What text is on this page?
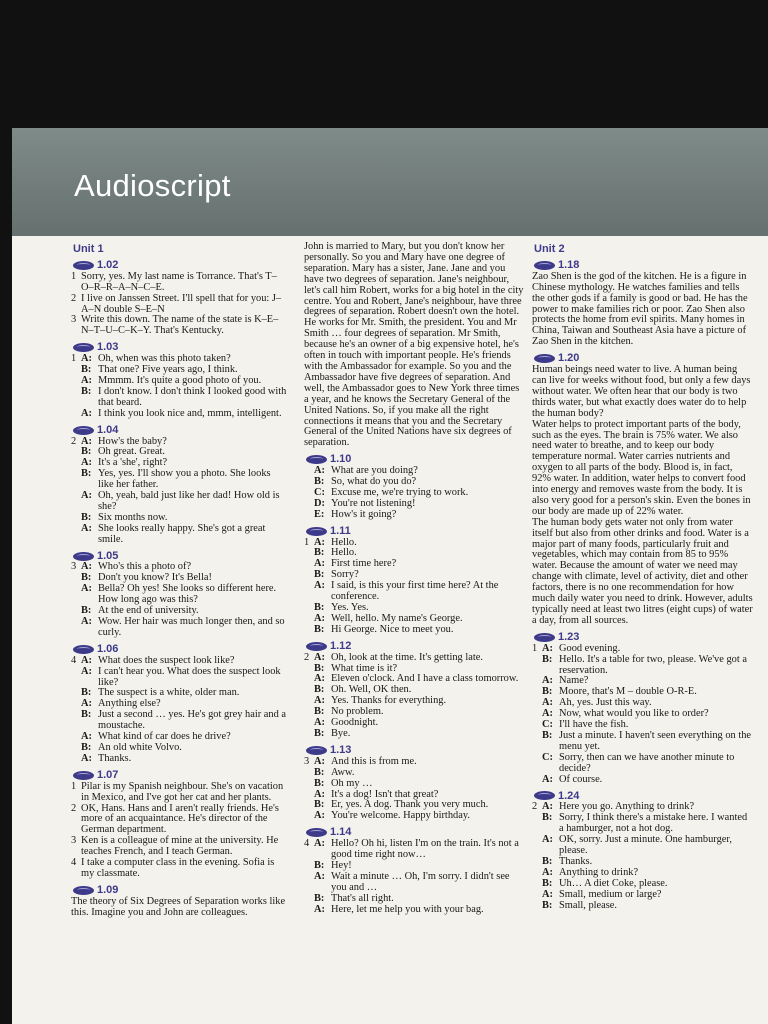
Audioscript
Unit 1
1.02
1 Sorry, yes. My last name is Torrance. That's T–O–R–R–A–N–C–E.
2 I live on Janssen Street. I'll spell that for you: J–A–N double S–E–N
3 Write this down. The name of the state is K–E–N–T–U–C–K–Y. That's Kentucky.
1.03
1 A: Oh, when was this photo taken?
B: That one? Five years ago, I think.
A: Mmmm. It's quite a good photo of you.
B: I don't know. I don't think I looked good with that beard.
A: I think you look nice and, mmm, intelligent.
1.04
2 A: How's the baby?
B: Oh great. Great.
A: It's a 'she', right?
B: Yes, yes. I'll show you a photo. She looks like her father.
A: Oh, yeah, bald just like her dad! How old is she?
B: Six months now.
A: She looks really happy. She's got a great smile.
1.05
3 A: Who's this a photo of?
B: Don't you know? It's Bella!
A: Bella? Oh yes! She looks so different here. How long ago was this?
B: At the end of university.
A: Wow. Her hair was much longer then, and so curly.
1.06
4 A: What does the suspect look like?
A: I can't hear you. What does the suspect look like?
B: The suspect is a white, older man.
A: Anything else?
B: Just a second … yes. He's got grey hair and a moustache.
A: What kind of car does he drive?
B: An old white Volvo.
A: Thanks.
1.07
1 Pilar is my Spanish neighbour. She's on vacation in Mexico, and I've got her cat and her plants.
2 OK, Hans. Hans and I aren't really friends. He's more of an acquaintance. He's director of the German department.
3 Ken is a colleague of mine at the university. He teaches French, and I teach German.
4 I take a computer class in the evening. Sofia is my classmate.
1.09
The theory of Six Degrees of Separation works like this. Imagine you and John are colleagues.
John is married to Mary, but you don't know her personally. So you and Mary have one degree of separation. Mary has a sister, Jane. Jane and you have two degrees of separation. Jane's neighbour, let's call him Robert, works for a big hotel in the city centre. You and Robert, Jane's neighbour, have three degrees of separation. Robert doesn't own the hotel. He works for Mr. Smith, the president. You and Mr Smith … four degrees of separation. Mr Smith, because he's an owner of a big expensive hotel, he's often in touch with important people. He's friends with the Ambassador for example. So you and the Ambassador have five degrees of separation. And well, the Ambassador goes to New York three times a year, and he knows the Secretary General of the United Nations. So, if you make all the right connections it means that you and the Secretary General of the United Nations have six degrees of separation.
1.10
A: What are you doing?
B: So, what do you do?
C: Excuse me, we're trying to work.
D: You're not listening!
E: How's it going?
1.11
1 A: Hello.
B: Hello.
A: First time here?
B: Sorry?
A: I said, is this your first time here? At the conference.
B: Yes. Yes.
A: Well, hello. My name's George.
B: Hi George. Nice to meet you.
1.12
2 A: Oh, look at the time. It's getting late.
B: What time is it?
A: Eleven o'clock. And I have a class tomorrow.
B: Oh. Well, OK then.
A: Yes. Thanks for everything.
B: No problem.
A: Goodnight.
B: Bye.
1.13
3 A: And this is from me.
B: Aww.
B: Oh my …
A: It's a dog! Isn't that great?
B: Er, yes. A dog. Thank you very much.
A: You're welcome. Happy birthday.
1.14
4 A: Hello? Oh hi, listen I'm on the train. It's not a good time right now…
B: Hey!
A: Wait a minute … Oh, I'm sorry. I didn't see you and …
B: That's all right.
A: Here, let me help you with your bag.
Unit 2
1.18
Zao Shen is the god of the kitchen. He is a figure in Chinese mythology. He watches families and tells the other gods if a family is good or bad. He has the power to make families rich or poor. Zao Shen also protects the home from evil spirits. Many homes in China, Taiwan and Southeast Asia have a picture of Zao Shen in the kitchen.
1.20
Human beings need water to live. A human being can live for weeks without food, but only a few days without water. We often hear that our body is two thirds water, but what exactly does water do to help the human body?
Water helps to protect important parts of the body, such as the eyes. The brain is 75% water. We also need water to breathe, and to keep our body temperature normal. Water carries nutrients and oxygen to all parts of the body. Blood is, in fact, 92% water. In addition, water helps to convert food into energy and removes waste from the body. It is also very good for a person's skin. Even the bones in our body are made up of 22% water.
The human body gets water not only from water itself but also from other drinks and food. Water is a major part of many foods, particularly fruit and vegetables, which may contain from 85 to 95% water. Because the amount of water we need may change with climate, level of activity, diet and other factors, there is no one recommendation for how much daily water you need to drink. However, adults typically need at least two litres (eight cups) of water a day, from all sources.
1.23
1 A: Good evening.
B: Hello. It's a table for two, please. We've got a reservation.
A: Name?
B: Moore, that's M – double O-R-E.
A: Ah, yes. Just this way.
A: Now, what would you like to order?
C: I'll have the fish.
B: Just a minute. I haven't seen everything on the menu yet.
C: Sorry, then can we have another minute to decide?
A: Of course.
1.24
2 A: Here you go. Anything to drink?
B: Sorry, I think there's a mistake here. I wanted a hamburger, not a hot dog.
A: OK, sorry. Just a minute. One hamburger, please.
B: Thanks.
A: Anything to drink?
B: Uh… A diet Coke, please.
A: Small, medium or large?
B: Small, please.
